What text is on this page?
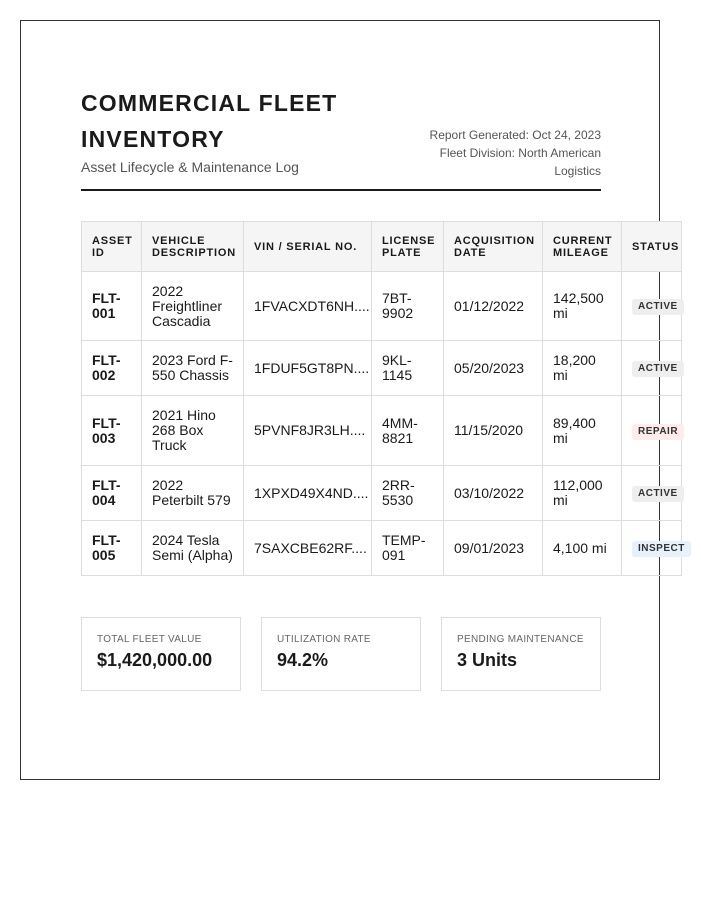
COMMERCIAL FLEET INVENTORY

Asset Lifecycle & Maintenance Log

Report Generated: Oct 24, 2023
Fleet Division: North American Logistics
ASSET ID	VEHICLE DESCRIPTION	VIN / SERIAL NO.	LICENSE PLATE	ACQUISITION DATE	CURRENT MILEAGE	STATUS
FLT-001	2022 Freightliner Cascadia	1FVACXDT6NH....	7BT-9902	01/12/2022	142,500 mi	ACTIVE
FLT-002	2023 Ford F-550 Chassis	1FDUF5GT8PN....	9KL-1145	05/20/2023	18,200 mi	ACTIVE
FLT-003	2021 Hino 268 Box Truck	5PVNF8JR3LH....	4MM-8821	11/15/2020	89,400 mi	REPAIR
FLT-004	2022 Peterbilt 579	1XPXD49X4ND....	2RR-5530	03/10/2022	112,000 mi	ACTIVE
FLT-005	2024 Tesla Semi (Alpha)	7SAXCBE62RF....	TEMP-091	09/01/2023	4,100 mi	INSPECT
TOTAL FLEET VALUE
$1,420,000.00
UTILIZATION RATE
94.2%
PENDING MAINTENANCE
3 Units
